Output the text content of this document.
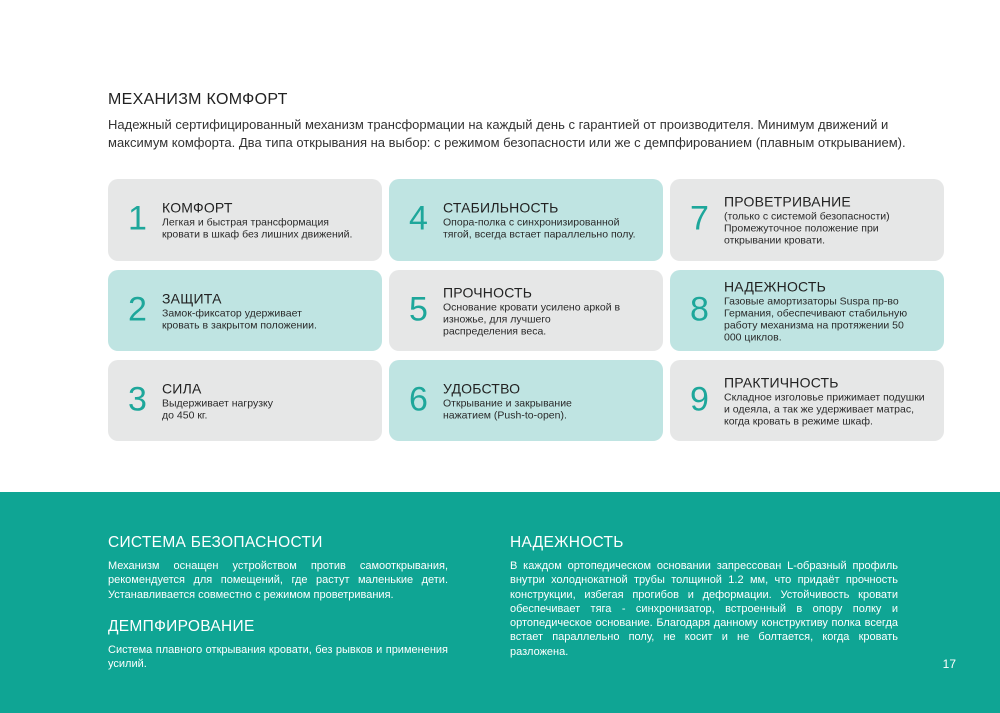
МЕХАНИЗМ КОМФОРТ
Надежный сертифицированный механизм трансформации на каждый день с гарантией от производителя. Минимум движений и максимум комфорта. Два типа открывания на выбор: с режимом безопасности или же с демпфированием (плавным открыванием).
1 КОМФОРТ
Легкая и быстрая трансформация кровати в шкаф без лишних движений.
2 ЗАЩИТА
Замок-фиксатор удерживает кровать в закрытом положении.
3 СИЛА
Выдерживает нагрузку до 450 кг.
4 СТАБИЛЬНОСТЬ
Опора-полка с синхронизированной тягой, всегда встает параллельно полу.
5 ПРОЧНОСТЬ
Основание кровати усилено аркой в изножье, для лучшего распределения веса.
6 УДОБСТВО
Открывание и закрывание нажатием (Push-to-open).
7 ПРОВЕТРИВАНИЕ
(только с системой безопасности) Промежуточное положение при открывании кровати.
8
НАДЕЖНОСТЬ
Газовые амортизаторы Suspa пр-во Германия, обеспечивают стабильную работу механизма на протяжении 50 000 циклов.
9 ПРАКТИЧНОСТЬ
Складное изголовье прижимает подушки и одеяла, а так же удерживает матрас, когда кровать в режиме шкаф.
СИСТЕМА БЕЗОПАСНОСТИ
Механизм оснащен устройством против самооткрывания, рекомендуется для помещений, где растут маленькие дети. Устанавливается совместно с режимом проветривания.
ДЕМПФИРОВАНИЕ
Система плавного открывания кровати, без рывков и применения усилий.
НАДЕЖНОСТЬ
В каждом ортопедическом основании запрессован L-образный профиль внутри холоднокатной трубы толщиной 1.2 мм, что придаёт прочность конструкции, избегая прогибов и деформации. Устойчивость кровати обеспечивает тяга - синхронизатор, встроенный в опору полку и ортопедическое основание. Благодаря данному конструктиву полка всегда встает параллельно полу, не косит и не болтается, когда кровать разложена.
17
